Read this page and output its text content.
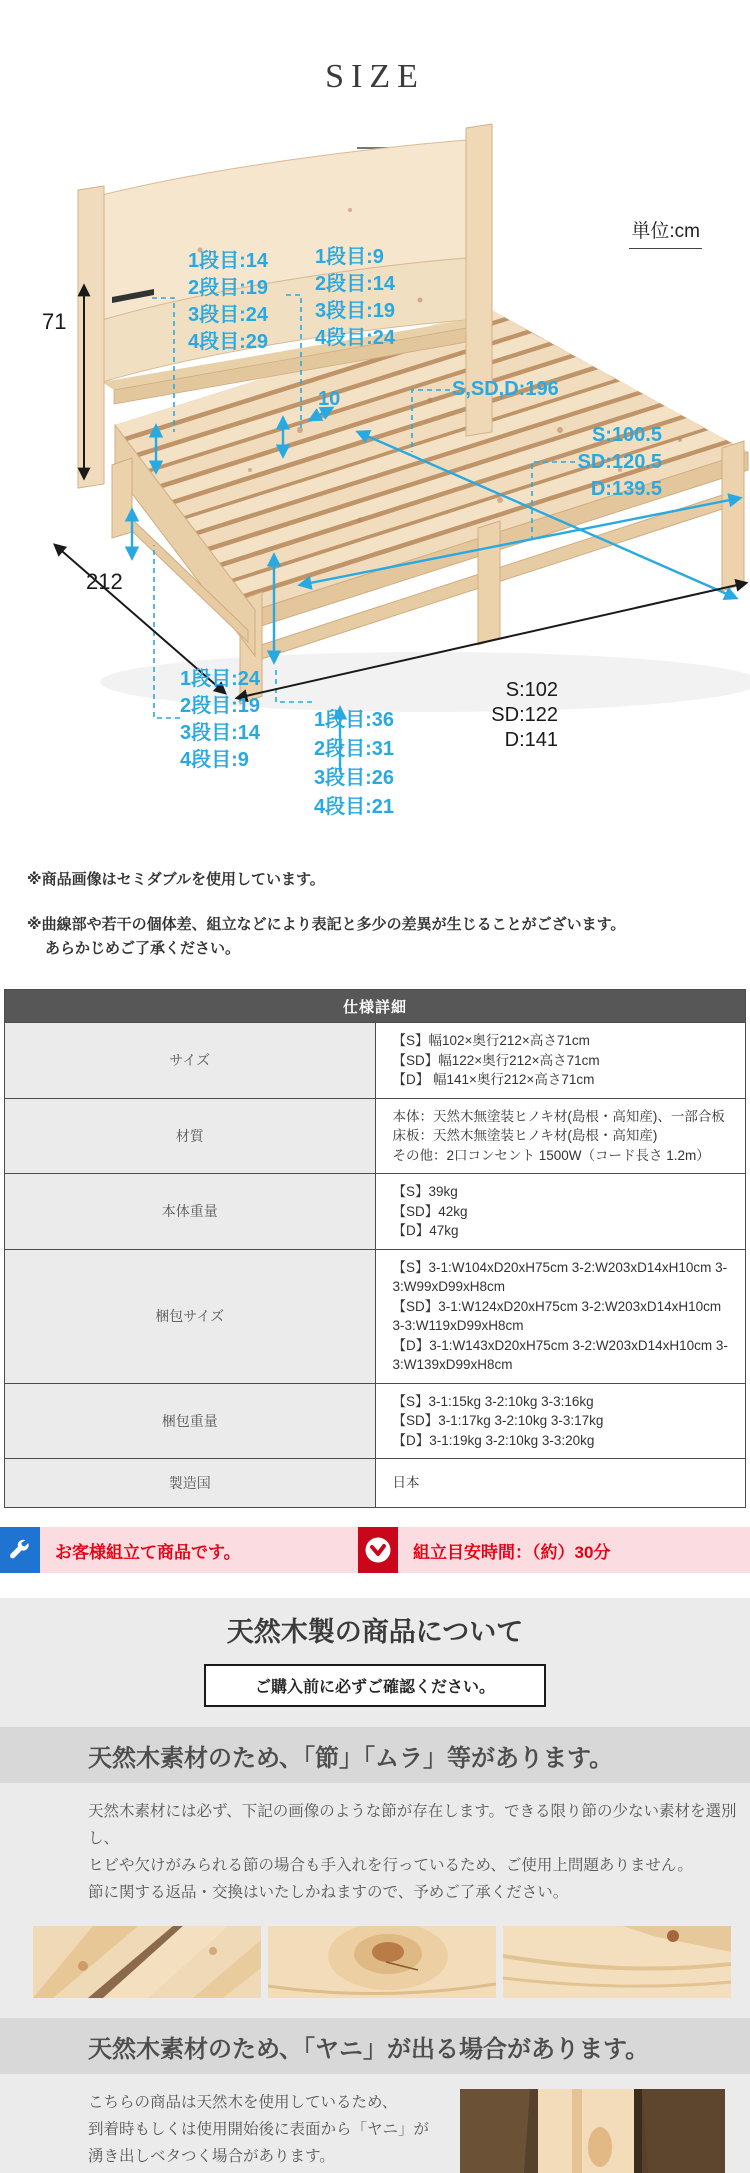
SIZE
単位:cm
1段目:14
2段目:19
3段目:24
4段目:29
1段目:9
2段目:14
3段目:19
4段目:24
10	S,SD,D:196
S:100.5
SD:120.5
D:139.5
71
212
1段目:24
2段目:19
3段目:14
4段目:9
1段目:36
2段目:31
3段目:26
4段目:21
S:102
SD:122
D:141

※商品画像はセミダブルを使用しています。

※曲線部や若干の個体差、組立などにより表記と多少の差異が生じることがございます。
あらかじめご了承ください。
仕様詳細	
サイズ	【S】幅102×奥行212×高さ71cm
【SD】幅122×奥行212×高さ71cm
【D】 幅141×奥行212×高さ71cm

材質	本体：天然木無塗装ヒノキ材(島根・高知産)、一部合板
床板：天然木無塗装ヒノキ材(島根・高知産)
その他：2口コンセント 1500W（コード長さ 1.2m）

本体重量	【S】39kg
【SD】42kg
【D】47kg

梱包サイズ	【S】3-1:W104xD20xH75cm 3-2:W203xD14xH10cm 3-3:W99xD99xH8cm
【SD】3-1:W124xD20xH75cm 3-2:W203xD14xH10cm 3-3:W119xD99xH8cm
【D】3-1:W143xD20xH75cm 3-2:W203xD14xH10cm 3-3:W139xD99xH8cm

梱包重量	【S】3-1:15kg 3-2:10kg 3-3:16kg
【SD】3-1:17kg 3-2:10kg 3-3:17kg
【D】3-1:19kg 3-2:10kg 3-3:20kg

製造国	日本
お客様組立て商品です。	組立目安時間：（約）30分
天然木製の商品について
ご購入前に必ずご確認ください。
天然木素材のため、「節」「ムラ」等があります。
天然木素材には必ず、下記の画像のような節が存在します。できる限り節の少ない素材を選別し、
ヒビや欠けがみられる節の場合も手入れを行っているため、ご使用上問題ありません。
節に関する返品・交換はいたしかねますので、予めご了承ください。
天然木素材のため、「ヤニ」が出る場合があります。
こちらの商品は天然木を使用しているため、
到着時もしくは使用開始後に表面から「ヤニ」が
湧き出しベタつく場合があります。
